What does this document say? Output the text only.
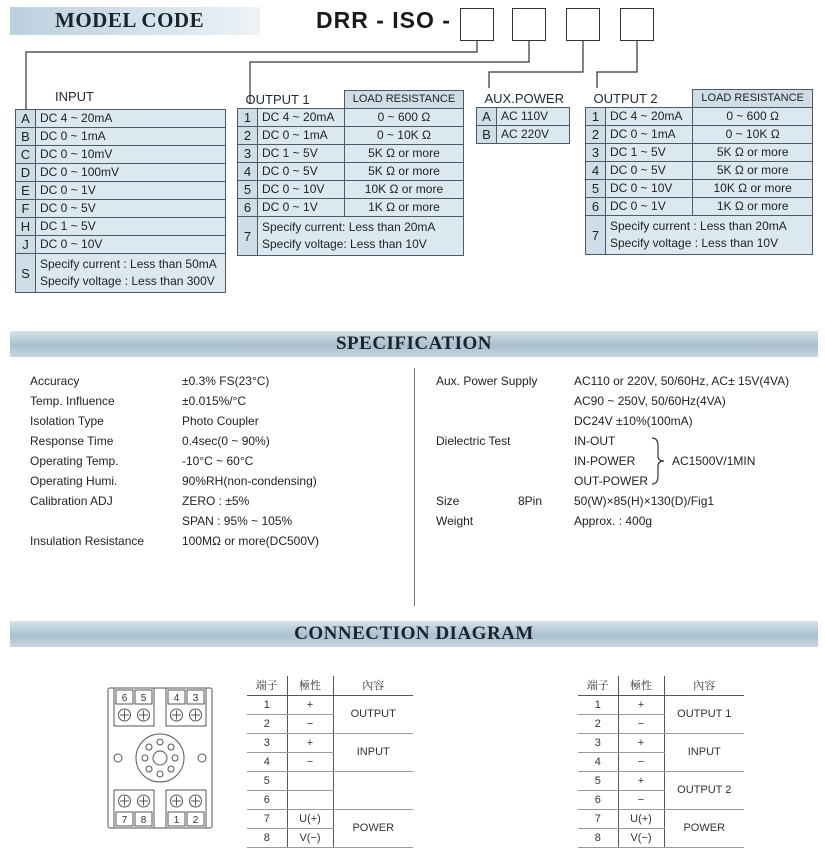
MODEL CODE	DRR - ISO -
INPUT
A	DC 4 ~ 20mA
B	DC 0 ~ 1mA
C	DC 0 ~ 10mV
D	DC 0 ~ 100mV
E	DC 0 ~ 1V
F	DC 0 ~ 5V
H	DC 1 ~ 5V
J	DC 0 ~ 10V
S	Specify current : Less than 50mA
Specify voltage : Less than 300V
OUTPUT 1		LOAD RESISTANCE
1	DC 4 ~ 20mA	0 ~ 600 Ω
2	DC 0 ~ 1mA	0 ~ 10K Ω
3	DC 1 ~ 5V	5K Ω or more
4	DC 0 ~ 5V	5K Ω or more
5	DC 0 ~ 10V	10K Ω or more
6	DC 0 ~ 1V	1K Ω or more
7	Specify current: Less than 20mA
Specify voltage: Less than 10V	
AUX.POWER	
A	AC 110V
B	AC 220V
OUTPUT 2		LOAD RESISTANCE
1	DC 4 ~ 20mA	0 ~ 600 Ω
2	DC 0 ~ 1mA	0 ~ 10K Ω
3	DC 1 ~ 5V	5K Ω or more
4	DC 0 ~ 5V	5K Ω or more
5	DC 0 ~ 10V	10K Ω or more
6	DC 0 ~ 1V	1K Ω or more
7	Specify current : Less than 20mA
Specify voltage : Less than 10V	
SPECIFICATION
Accuracy	±0.3% FS(23°C)
Temp. Influence	±0.015%/°C
Isolation Type	Photo Coupler
Response Time	0.4sec(0 ~ 90%)
Operating Temp.	-10°C ~ 60°C
Operating Humi.	90%RH(non-condensing)
Calibration ADJ	ZERO : ±5%
SPAN : 95% ~ 105%
Insulation Resistance	100MΩ or more(DC500V)
Aux. Power Supply	AC110 or 220V, 50/60Hz, AC± 15V(4VA)
AC90 ~ 250V, 50/60Hz(4VA)
DC24V ±10%(100mA)
Dielectric Test	IN-OUT
IN-POWER
OUT-POWER
AC1500V/1MIN
Size	8Pin	50(W)×85(H)×130(D)/Fig1
Weight	Approx. : 400g
CONNECTION DIAGRAM
6 5	4 3
7 8	1 2
端子	極性	內容
1	+	OUTPUT
2	−	
3	+	INPUT
4	−	
5		
6		
7	U(+)	POWER
8	V(−)	
端子	極性	內容
1	+	OUTPUT 1
2	−	
3	+	INPUT
4	−	
5	+	OUTPUT 2
6	−	
7	U(+)	POWER
8	V(−)	
